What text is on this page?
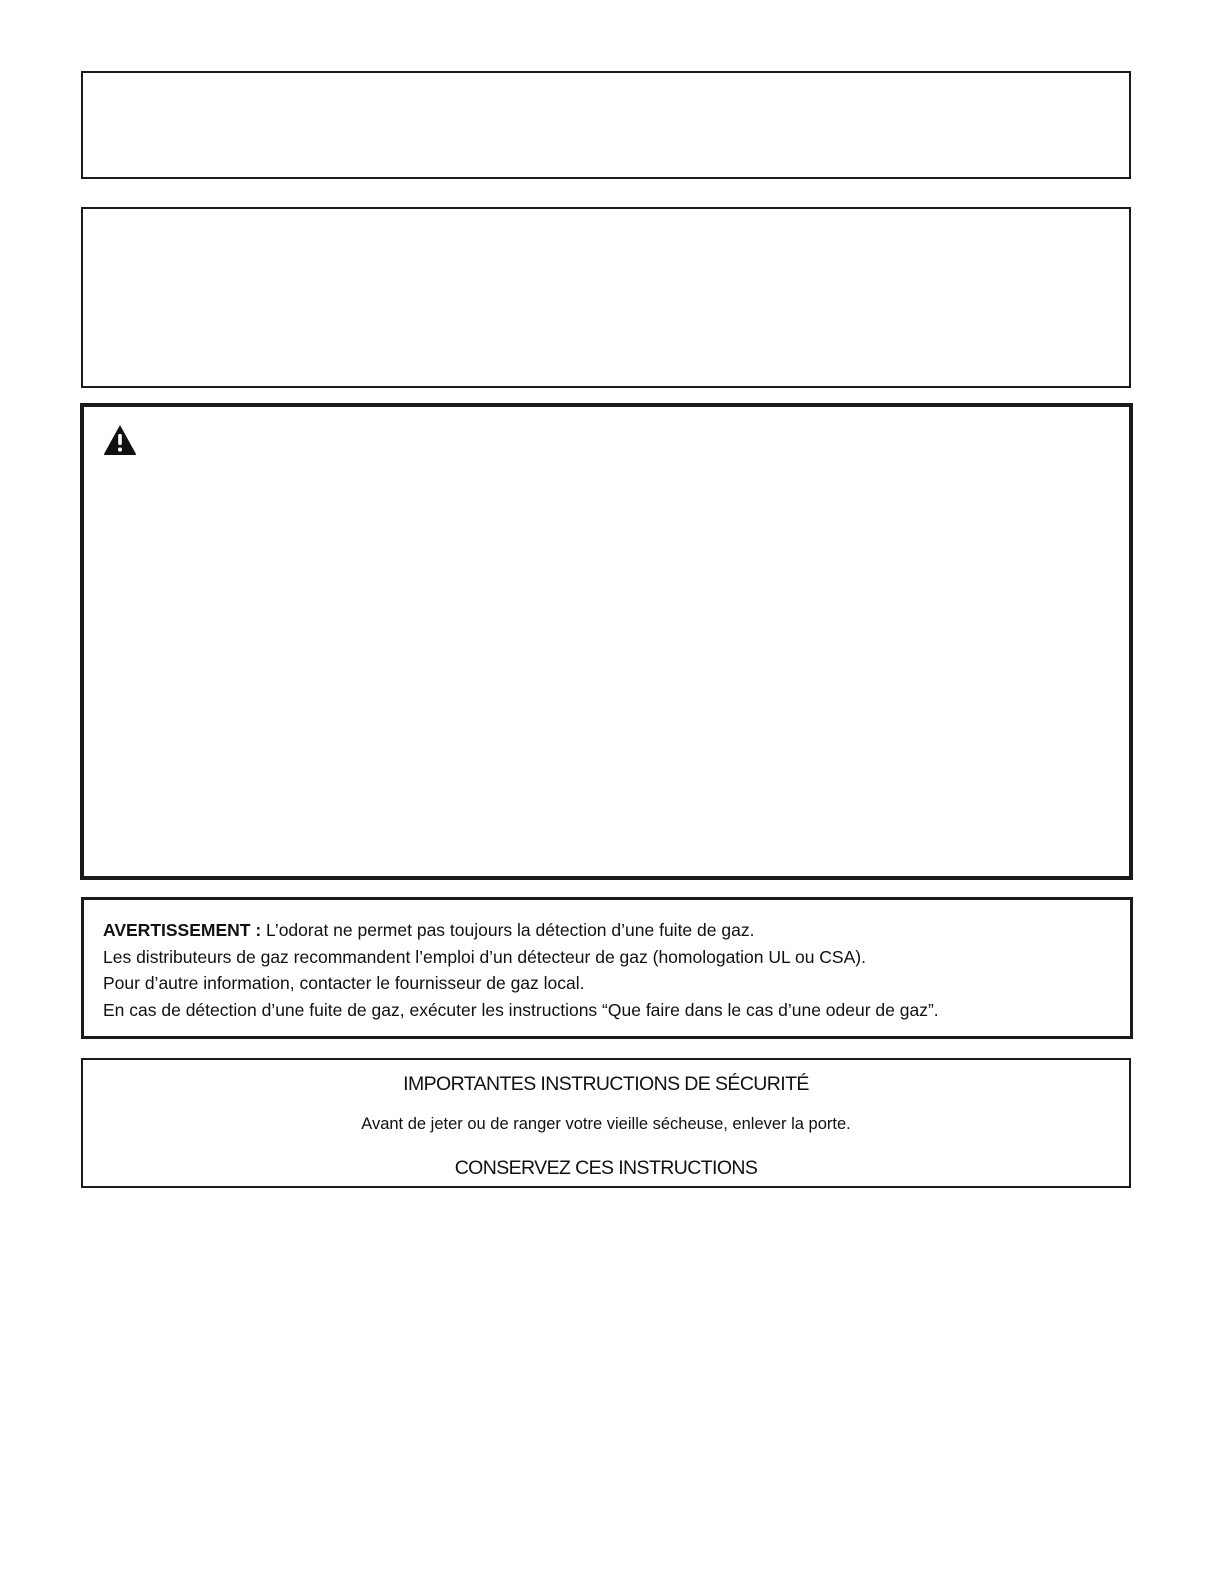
AVERTISSEMENT : L’odorat ne permet pas toujours la détection d’une fuite de gaz.

Les distributeurs de gaz recommandent l’emploi d’un détecteur de gaz (homologation UL ou CSA).

Pour d’autre information, contacter le fournisseur de gaz local.

En cas de détection d’une fuite de gaz, exécuter les instructions “Que faire dans le cas d’une odeur de gaz”.

IMPORTANTES INSTRUCTIONS DE SÉCURITÉ

Avant de jeter ou de ranger votre vieille sécheuse, enlever la porte.

CONSERVEZ CES INSTRUCTIONS
